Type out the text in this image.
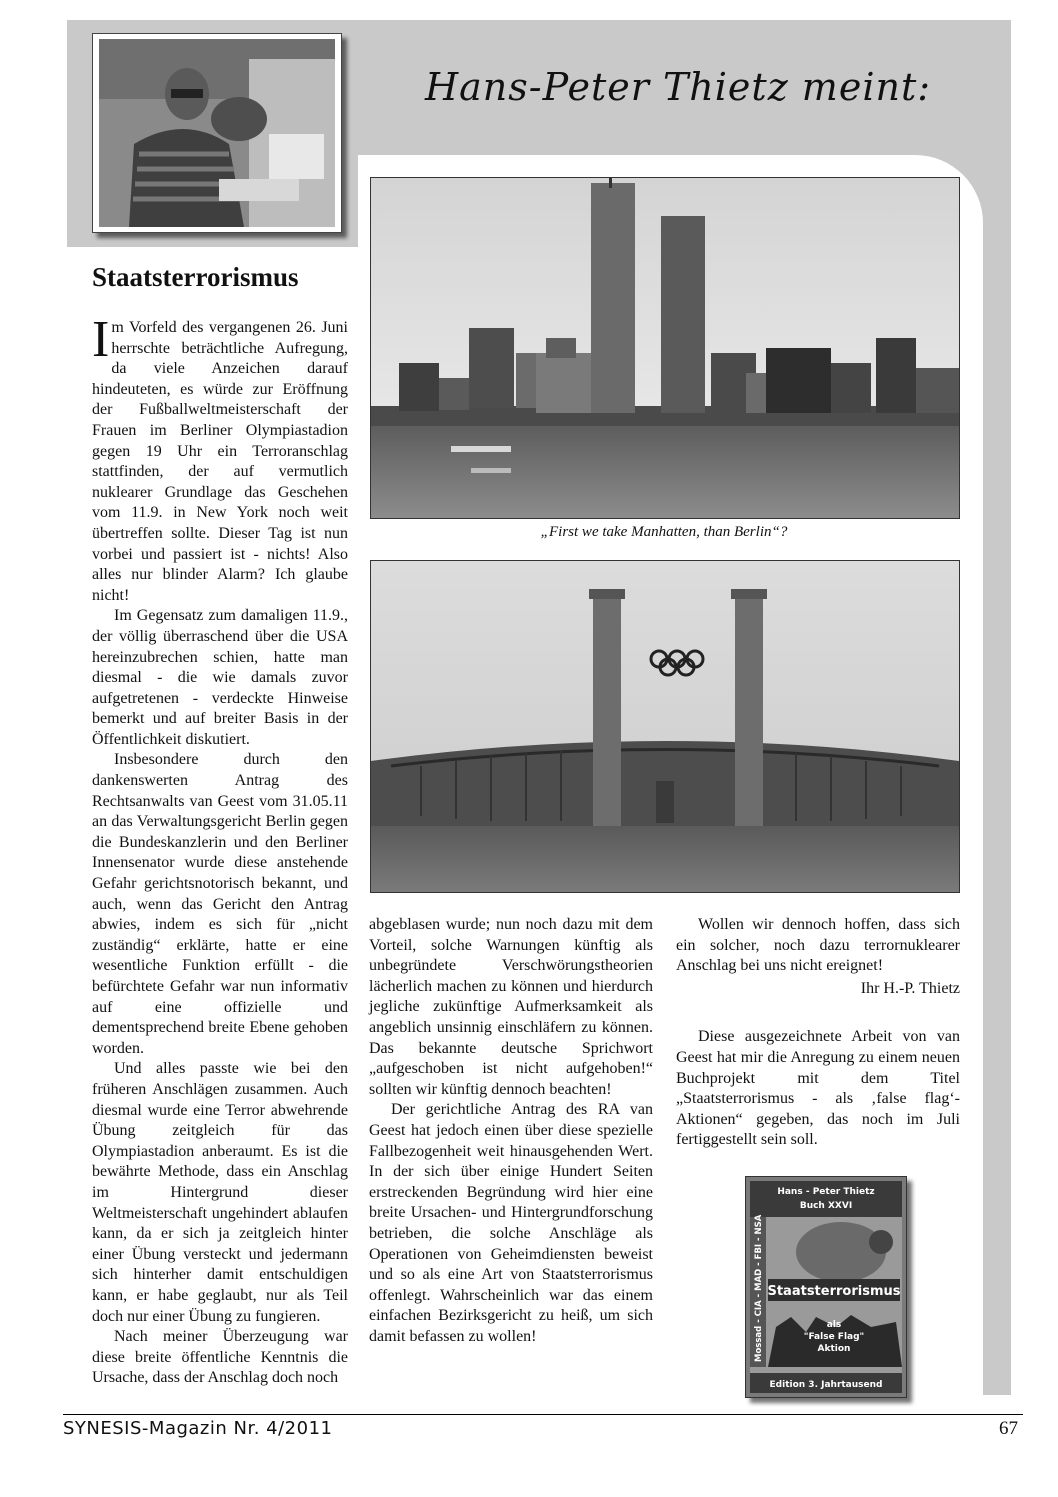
Hans-Peter Thietz meint:
Staatsterrorismus

Im Vorfeld des vergangenen 26. Juni herrschte beträchtliche Aufregung, da viele Anzeichen darauf hindeuteten, es würde zur Eröffnung der Fußballweltmeisterschaft der Frauen im Berliner Olympiastadion gegen 19 Uhr ein Terroranschlag stattfinden, der auf vermutlich nuklearer Grundlage das Geschehen vom 11.9. in New York noch weit übertreffen sollte. Dieser Tag ist nun vorbei und passiert ist - nichts! Also alles nur blinder Alarm? Ich glaube nicht!

Im Gegensatz zum damaligen 11.9., der völlig überraschend über die USA hereinzubrechen schien, hatte man diesmal - die wie damals zuvor aufgetretenen - verdeckte Hinweise bemerkt und auf breiter Basis in der Öffentlichkeit diskutiert.

Insbesondere durch den dankenswerten Antrag des Rechtsanwalts van Geest vom 31.05.11 an das Verwaltungsgericht Berlin gegen die Bundeskanzlerin und den Berliner Innensenator wurde diese anstehende Gefahr gerichtsnotorisch bekannt, und auch, wenn das Gericht den Antrag abwies, indem es sich für „nicht zuständig“ erklärte, hatte er eine wesentliche Funktion erfüllt - die befürchtete Gefahr war nun informativ auf eine offizielle und dementsprechend breite Ebene gehoben worden.

Und alles passte wie bei den früheren Anschlägen zusammen. Auch diesmal wurde eine Terror abwehrende Übung zeitgleich für das Olympiastadion anberaumt. Es ist die bewährte Methode, dass ein Anschlag im Hintergrund dieser Weltmeisterschaft ungehindert ablaufen kann, da er sich ja zeitgleich hinter einer Übung versteckt und jedermann sich hinterher damit entschuldigen kann, er habe geglaubt, nur als Teil doch nur einer Übung zu fungieren.

Nach meiner Überzeugung war diese breite öffentliche Kenntnis die Ursache, dass der Anschlag doch noch

„First we take Manhatten, than Berlin“?

abgeblasen wurde; nun noch dazu mit dem Vorteil, solche Warnungen künftig als unbegründete Verschwörungstheorien lächerlich machen zu können und hierdurch jegliche zukünftige Aufmerksamkeit als angeblich unsinnig einschläfern zu können. Das bekannte deutsche Sprichwort „aufgeschoben ist nicht aufgehoben!“ sollten wir künftig dennoch beachten!

Der gerichtliche Antrag des RA van Geest hat jedoch einen über diese spezielle Fallbezogenheit weit hinausgehenden Wert. In der sich über einige Hundert Seiten erstreckenden Begründung wird hier eine breite Ursachen- und Hintergrundforschung betrieben, die solche Anschläge als Operationen von Geheimdiensten beweist und so als eine Art von Staatsterrorismus offenlegt. Wahrscheinlich war das einem einfachen Bezirksgericht zu heiß, um sich damit befassen zu wollen!

Wollen wir dennoch hoffen, dass sich ein solcher, noch dazu terrornuklearer Anschlag bei uns nicht ereignet!

Ihr H.-P. Thietz

Diese ausgezeichnete Arbeit von van Geest hat mir die Anregung zu einem neuen Buchprojekt mit dem Titel „Staatsterrorismus - als ‚false flag‘-Aktionen“ gegeben, das noch im Juli fertiggestellt sein soll.

Hans - Peter Thietz
Buch XXVI
Mossad - CIA - MAD - FBI - NSA Staatsterrorismus
als
"False Flag"
Aktion
Edition 3. Jahrtausend
SYNESIS-Magazin Nr. 4/2011	67
